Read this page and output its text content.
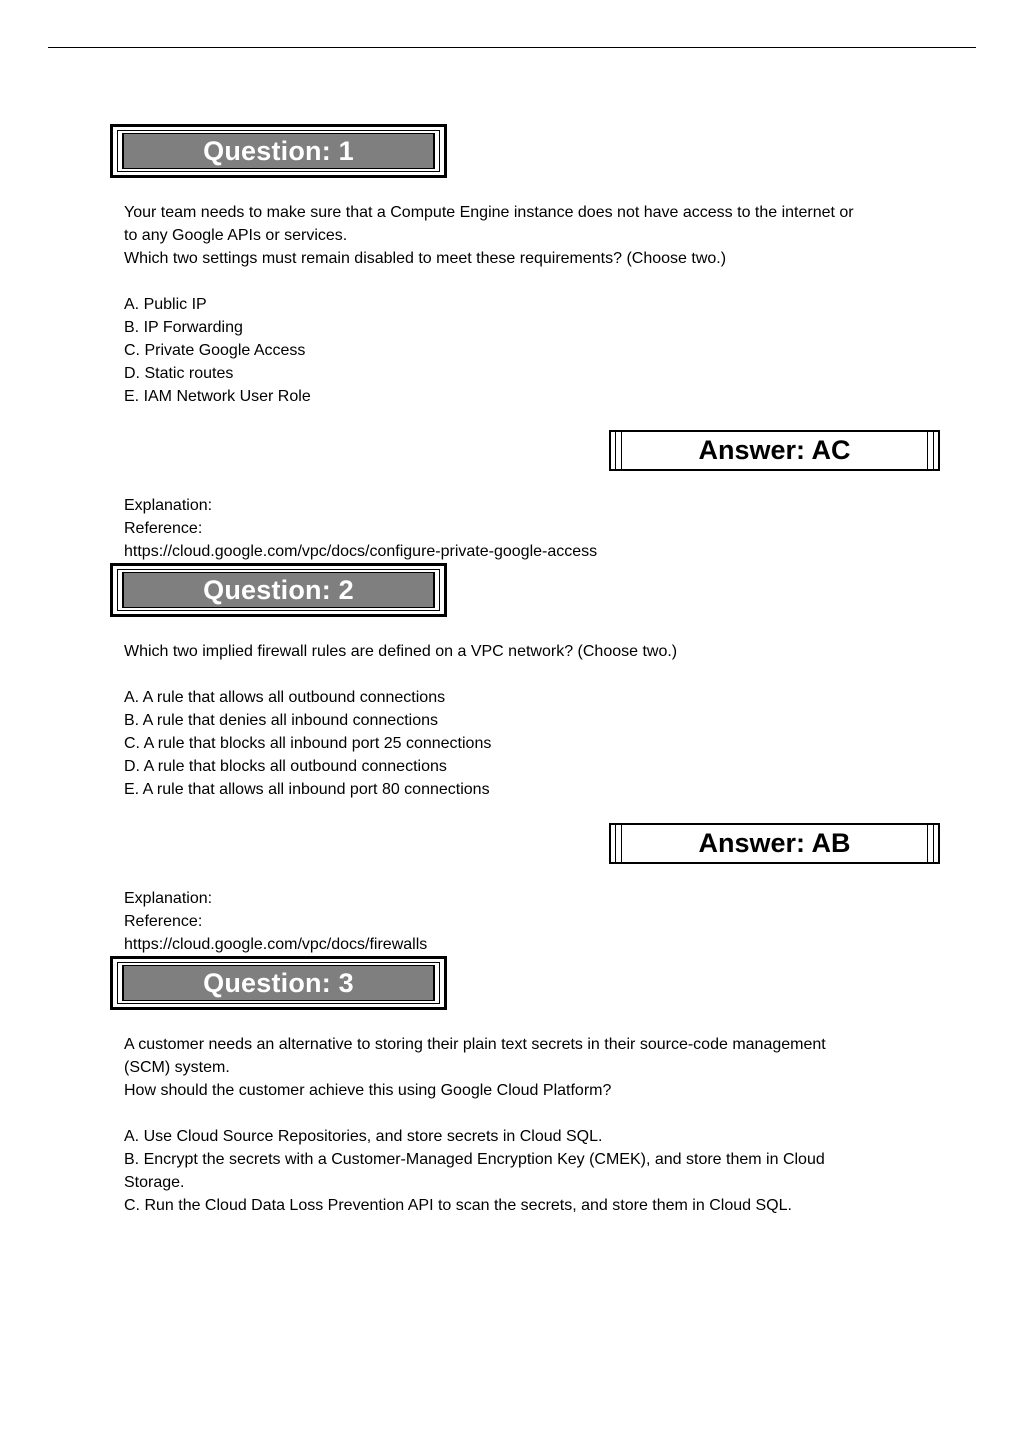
Question: 1
Your team needs to make sure that a Compute Engine instance does not have access to the internet or
to any Google APIs or services.
Which two settings must remain disabled to meet these requirements? (Choose two.)
A. Public IP
B. IP Forwarding
C. Private Google Access
D. Static routes
E. IAM Network User Role
Answer: AC
Explanation:
Reference:
https://cloud.google.com/vpc/docs/configure-private-google-access
Question: 2
Which two implied firewall rules are defined on a VPC network? (Choose two.)
A. A rule that allows all outbound connections
B. A rule that denies all inbound connections
C. A rule that blocks all inbound port 25 connections
D. A rule that blocks all outbound connections
E. A rule that allows all inbound port 80 connections
Answer: AB
Explanation:
Reference:
https://cloud.google.com/vpc/docs/firewalls
Question: 3
A customer needs an alternative to storing their plain text secrets in their source-code management
(SCM) system.
How should the customer achieve this using Google Cloud Platform?
A. Use Cloud Source Repositories, and store secrets in Cloud SQL.
B. Encrypt the secrets with a Customer-Managed Encryption Key (CMEK), and store them in Cloud
Storage.
C. Run the Cloud Data Loss Prevention API to scan the secrets, and store them in Cloud SQL.
